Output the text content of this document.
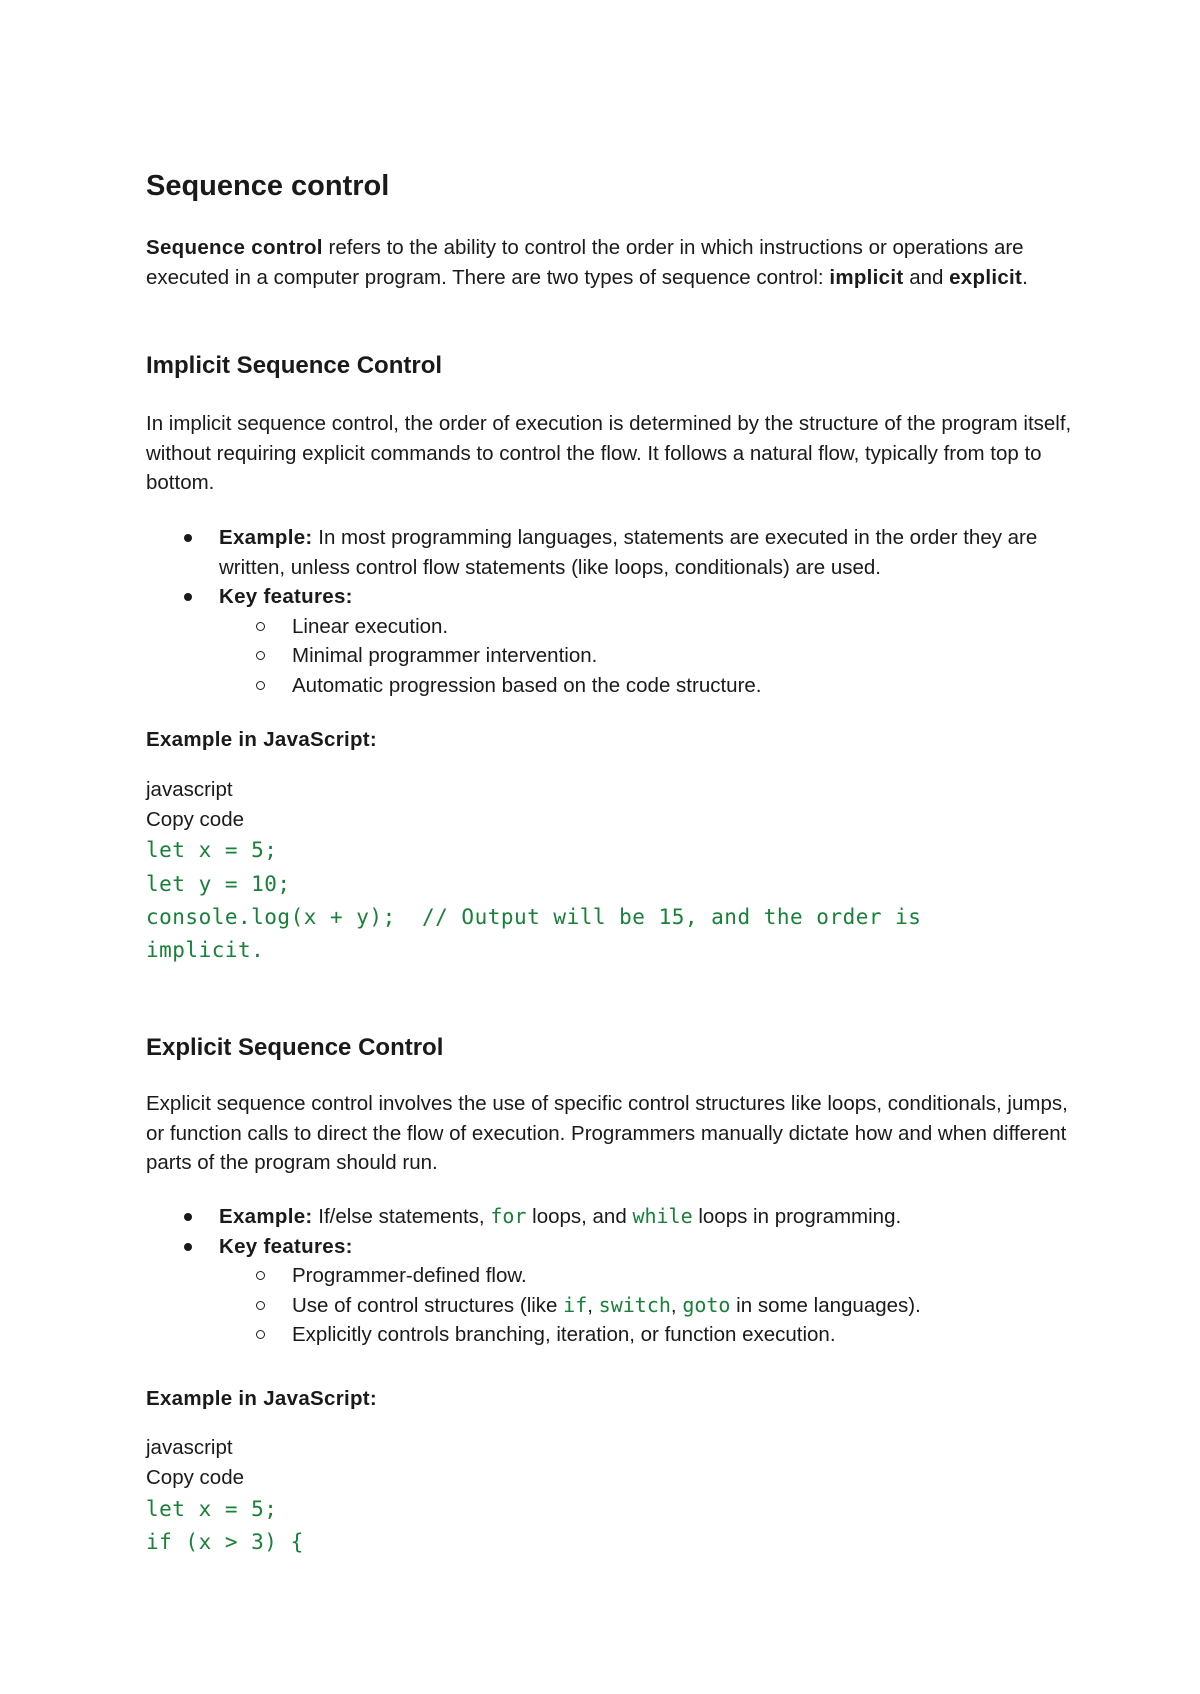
Sequence control

Sequence control refers to the ability to control the order in which instructions or operations are executed in a computer program. There are two types of sequence control: implicit and explicit.

Implicit Sequence Control

In implicit sequence control, the order of execution is determined by the structure of the program itself, without requiring explicit commands to control the flow. It follows a natural flow, typically from top to bottom.

Example: In most programming languages, statements are executed in the order they are written, unless control flow statements (like loops, conditionals) are used.
Key features:
Linear execution.
Minimal programmer intervention.
Automatic progression based on the code structure.
Example in JavaScript:
javascript
Copy code
let x = 5;
let y = 10;
console.log(x + y);  // Output will be 15, and the order is
implicit.
Explicit Sequence Control

Explicit sequence control involves the use of specific control structures like loops, conditionals, jumps, or function calls to direct the flow of execution. Programmers manually dictate how and when different parts of the program should run.

Example: If/else statements, for loops, and while loops in programming.
Key features:
Programmer-defined flow.
Use of control structures (like if, switch, goto in some languages).
Explicitly controls branching, iteration, or function execution.
Example in JavaScript:
javascript
Copy code
let x = 5;
if (x > 3) {
